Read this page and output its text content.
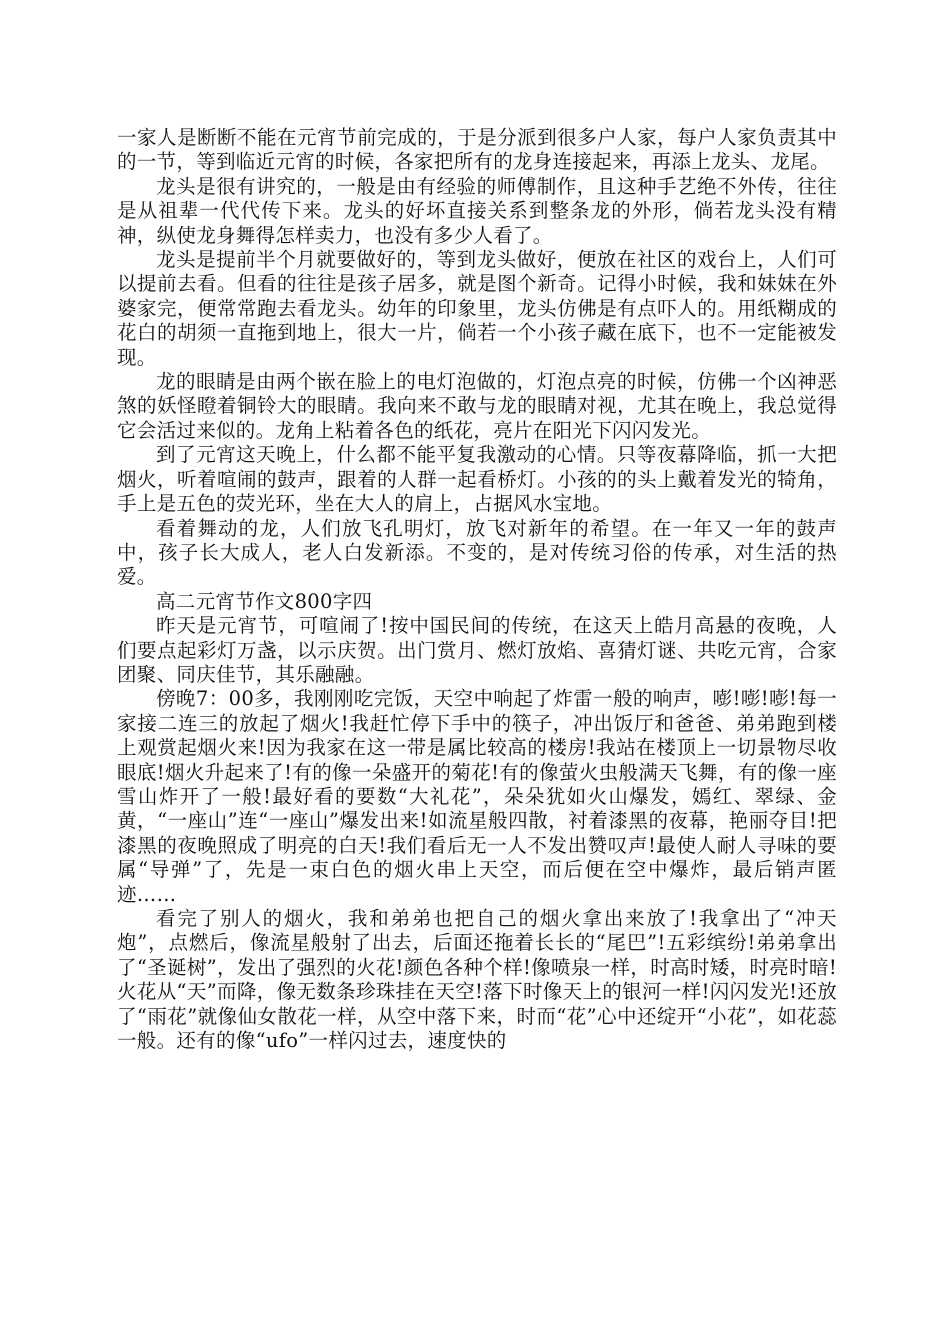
一家人是断断不能在元宵节前完成的，于是分派到很多户人家，每户人家负责其中的一节，等到临近元宵的时候，各家把所有的龙身连接起来，再添上龙头、龙尾。

龙头是很有讲究的，一般是由有经验的师傅制作，且这种手艺绝不外传，往往是从祖辈一代代传下来。龙头的好坏直接关系到整条龙的外形，倘若龙头没有精神，纵使龙身舞得怎样卖力，也没有多少人看了。

龙头是提前半个月就要做好的，等到龙头做好，便放在社区的戏台上，人们可以提前去看。但看的往往是孩子居多，就是图个新奇。记得小时候，我和妹妹在外婆家完，便常常跑去看龙头。幼年的印象里，龙头仿佛是有点吓人的。用纸糊成的花白的胡须一直拖到地上，很大一片，倘若一个小孩子藏在底下，也不一定能被发现。

龙的眼睛是由两个嵌在脸上的电灯泡做的，灯泡点亮的时候，仿佛一个凶神恶煞的妖怪瞪着铜铃大的眼睛。我向来不敢与龙的眼睛对视，尤其在晚上，我总觉得它会活过来似的。龙角上粘着各色的纸花，亮片在阳光下闪闪发光。

到了元宵这天晚上，什么都不能平复我激动的心情。只等夜幕降临，抓一大把烟火，听着喧闹的鼓声，跟着的人群一起看桥灯。小孩的的头上戴着发光的犄角，手上是五色的荧光环，坐在大人的肩上，占据风水宝地。

看着舞动的龙，人们放飞孔明灯，放飞对新年的希望。在一年又一年的鼓声中，孩子长大成人，老人白发新添。不变的，是对传统习俗的传承，对生活的热爱。

高二元宵节作文800字四

昨天是元宵节，可喧闹了!按中国民间的传统，在这天上皓月高悬的夜晚，人们要点起彩灯万盏，以示庆贺。出门赏月、燃灯放焰、喜猜灯谜、共吃元宵，合家团聚、同庆佳节，其乐融融。

傍晚7：00多，我刚刚吃完饭，天空中响起了炸雷一般的响声，嘭!嘭!嘭!每一家接二连三的放起了烟火!我赶忙停下手中的筷子，冲出饭厅和爸爸、弟弟跑到楼上观赏起烟火来!因为我家在这一带是属比较高的楼房!我站在楼顶上一切景物尽收眼底!烟火升起来了!有的像一朵盛开的菊花!有的像萤火虫般满天飞舞，有的像一座雪山炸开了一般!最好看的要数“大礼花”，朵朵犹如火山爆发，嫣红、翠绿、金黄，“一座山”连“一座山”爆发出来!如流星般四散，衬着漆黑的夜幕，艳丽夺目!把漆黑的夜晚照成了明亮的白天!我们看后无一人不发出赞叹声!最使人耐人寻味的要属“导弹”了，先是一束白色的烟火串上天空，而后便在空中爆炸，最后销声匿迹……

看完了别人的烟火，我和弟弟也把自己的烟火拿出来放了!我拿出了“冲天炮”，点燃后，像流星般射了出去，后面还拖着长长的“尾巴”!五彩缤纷!弟弟拿出了“圣诞树”，发出了强烈的火花!颜色各种个样!像喷泉一样，时高时矮，时亮时暗!火花从“天”而降，像无数条珍珠挂在天空!落下时像天上的银河一样!闪闪发光!还放了“雨花”就像仙女散花一样，从空中落下来，时而“花”心中还绽开“小花”，如花蕊一般。还有的像“ufo”一样闪过去，速度快的
